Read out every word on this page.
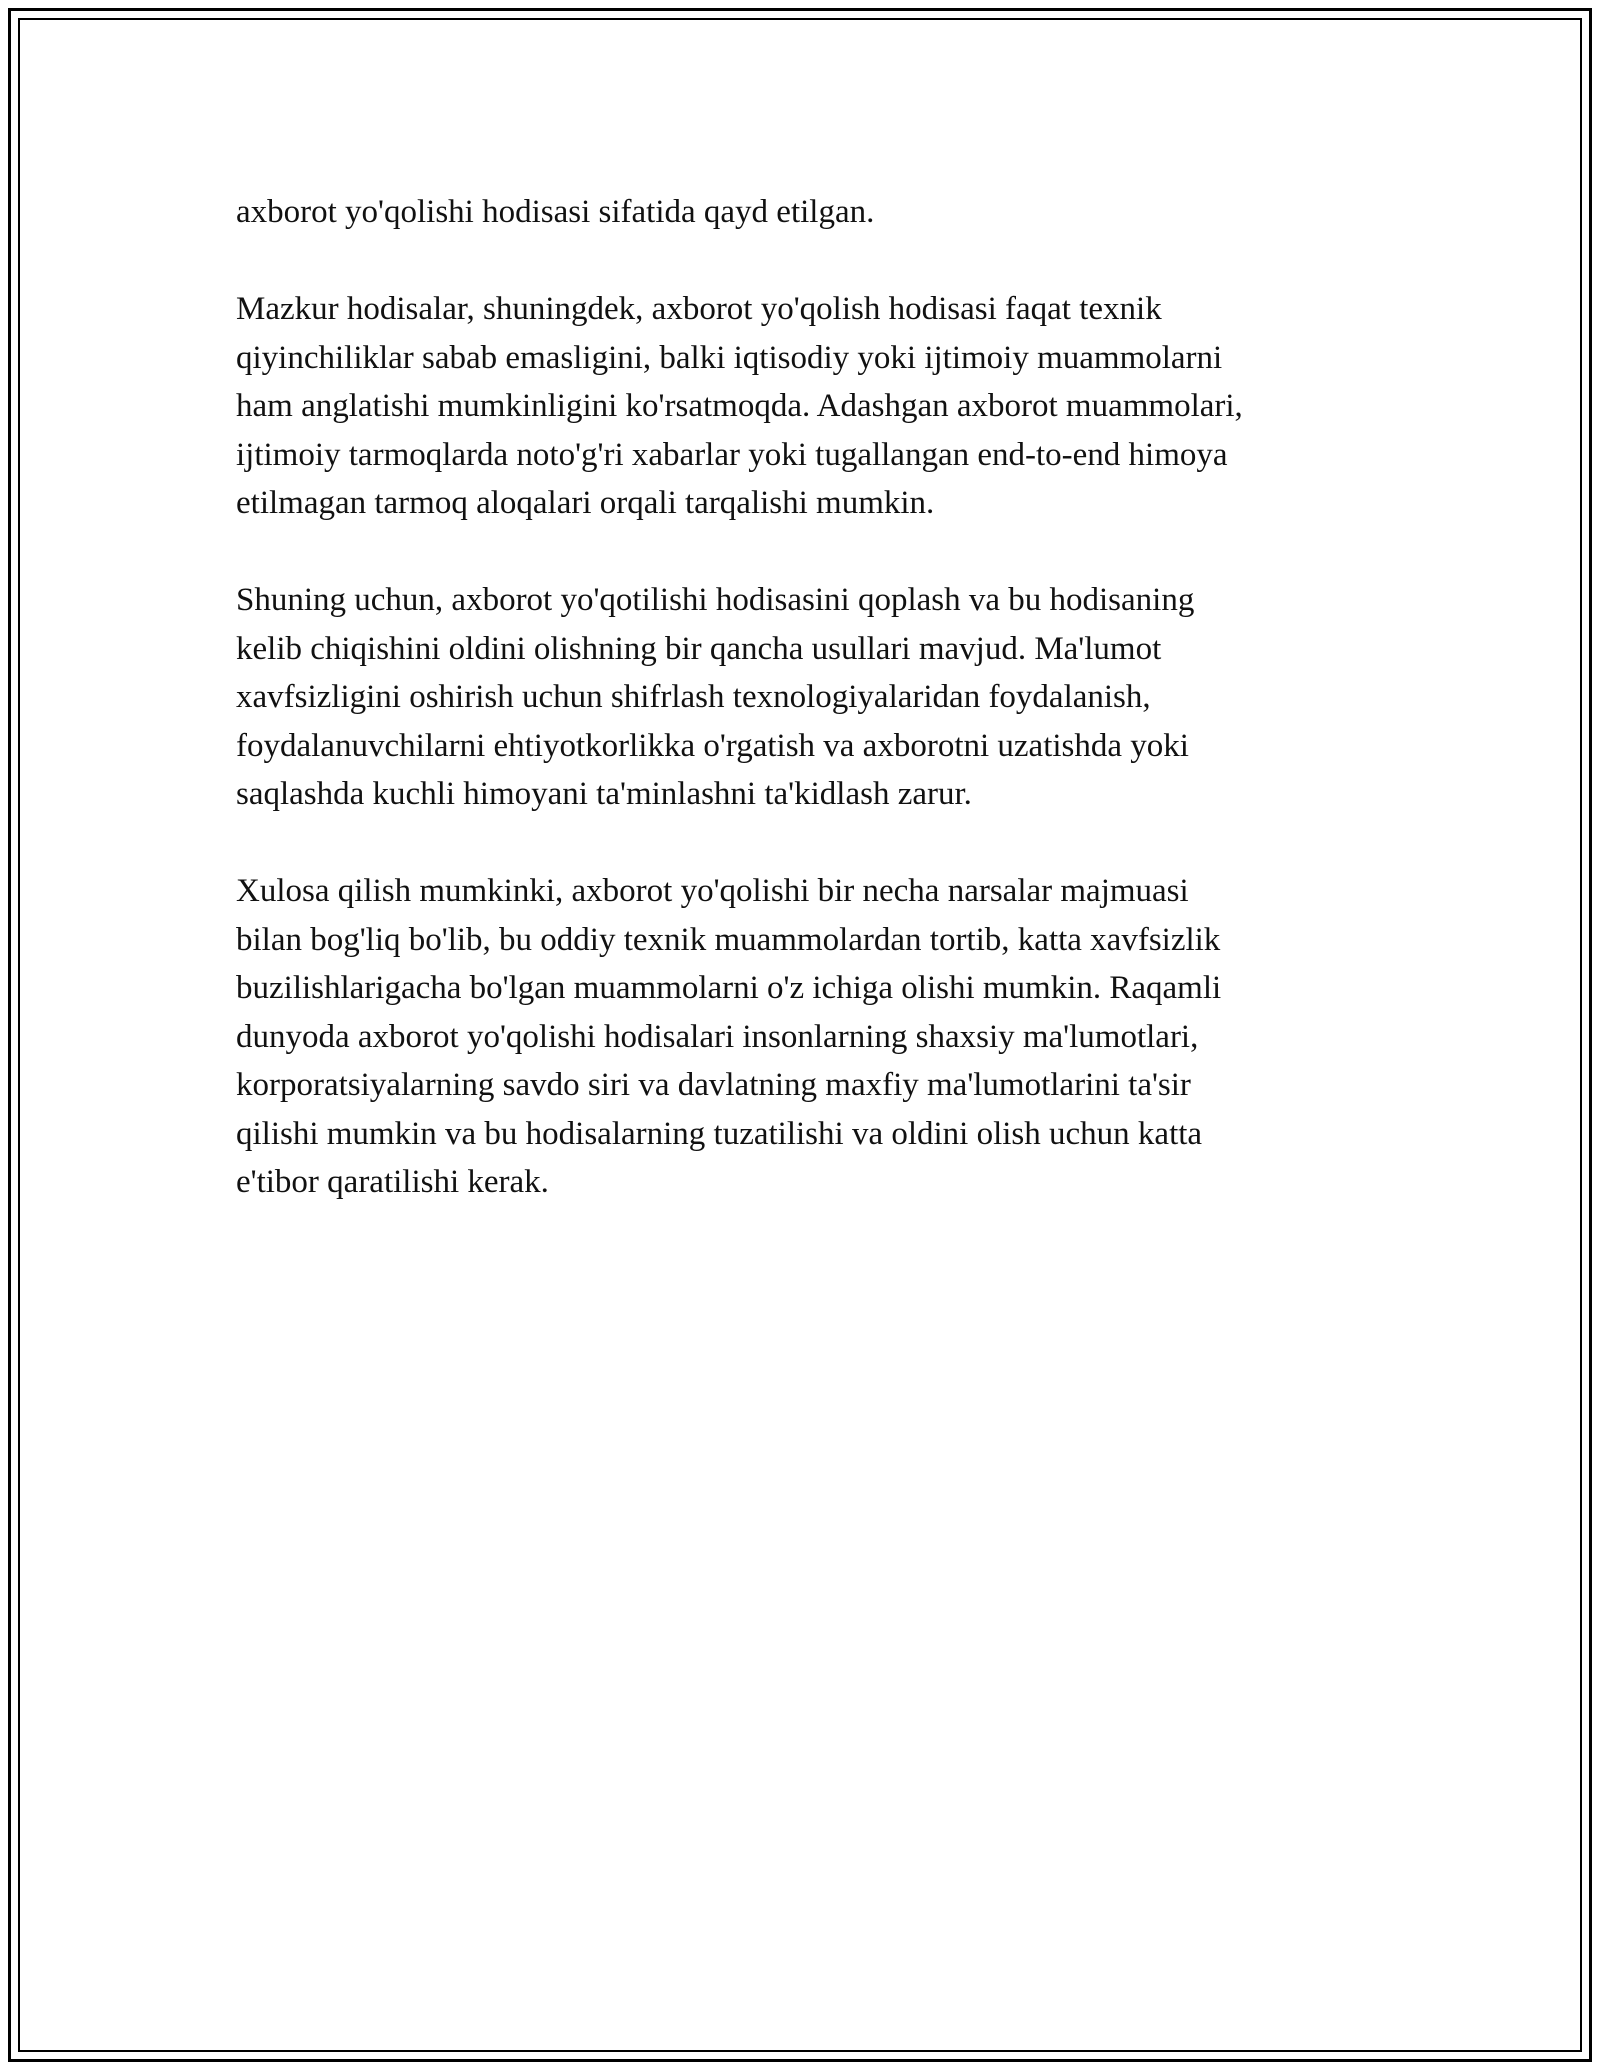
axborot yo'qolishi hodisasi sifatida qayd etilgan.

Mazkur hodisalar, shuningdek, axborot yo'qolish hodisasi faqat texnik
qiyinchiliklar sabab emasligini, balki iqtisodiy yoki ijtimoiy muammolarni
ham anglatishi mumkinligini ko'rsatmoqda. Adashgan axborot muammolari,
ijtimoiy tarmoqlarda noto'g'ri xabarlar yoki tugallangan end-to-end himoya
etilmagan tarmoq aloqalari orqali tarqalishi mumkin.

Shuning uchun, axborot yo'qotilishi hodisasini qoplash va bu hodisaning
kelib chiqishini oldini olishning bir qancha usullari mavjud. Ma'lumot
xavfsizligini oshirish uchun shifrlash texnologiyalaridan foydalanish,
foydalanuvchilarni ehtiyotkorlikka o'rgatish va axborotni uzatishda yoki
saqlashda kuchli himoyani ta'minlashni ta'kidlash zarur.

Xulosa qilish mumkinki, axborot yo'qolishi bir necha narsalar majmuasi
bilan bog'liq bo'lib, bu oddiy texnik muammolardan tortib, katta xavfsizlik
buzilishlarigacha bo'lgan muammolarni o'z ichiga olishi mumkin. Raqamli
dunyoda axborot yo'qolishi hodisalari insonlarning shaxsiy ma'lumotlari,
korporatsiyalarning savdo siri va davlatning maxfiy ma'lumotlarini ta'sir
qilishi mumkin va bu hodisalarning tuzatilishi va oldini olish uchun katta
e'tibor qaratilishi kerak.
